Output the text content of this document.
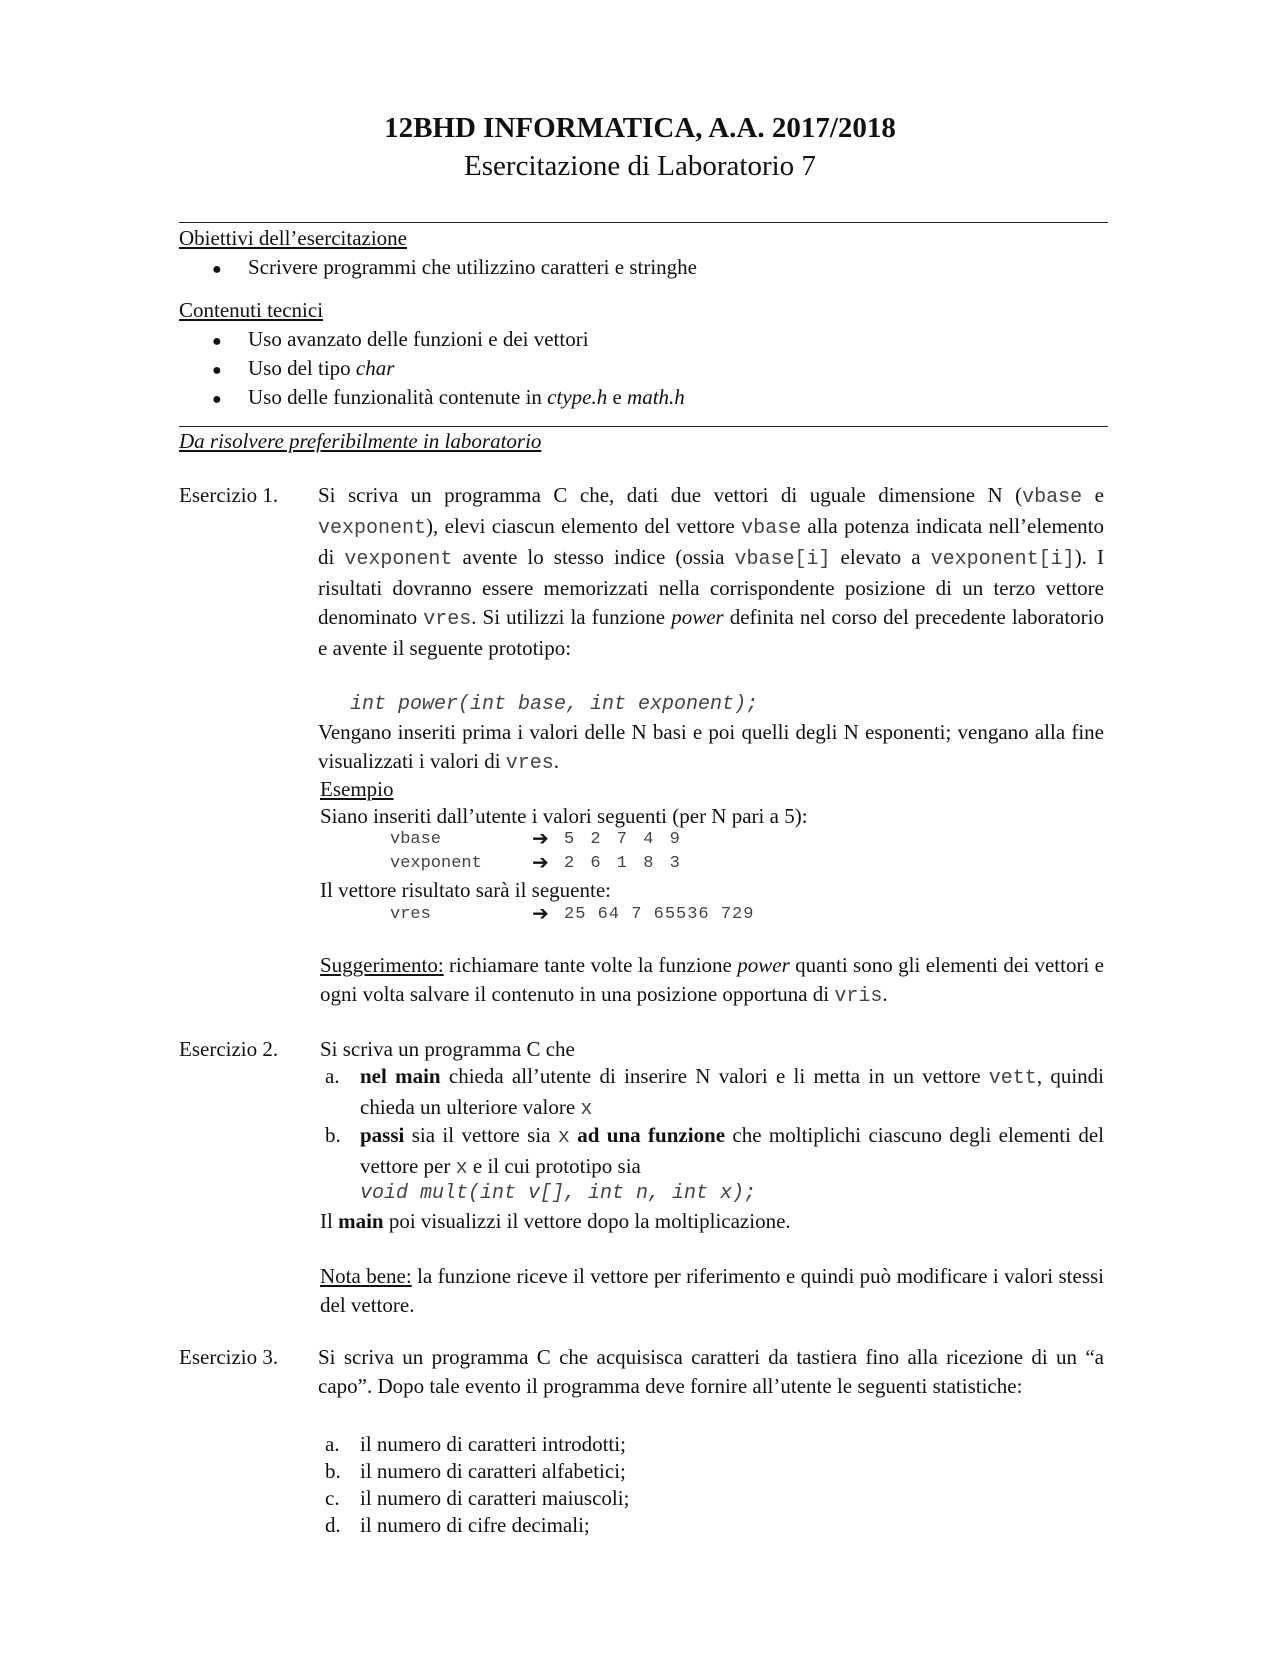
12BHD INFORMATICA, A.A. 2017/2018
Esercitazione di Laboratorio 7
Obiettivi dell’esercitazione
● Scrivere programmi che utilizzino caratteri e stringhe
Contenuti tecnici
● Uso avanzato delle funzioni e dei vettori
● Uso del tipo char
● Uso delle funzionalità contenute in ctype.h e math.h
Da risolvere preferibilmente in laboratorio
Esercizio 1. Si scriva un programma C che, dati due vettori di uguale dimensione N (vbase e vexponent), elevi ciascun elemento del vettore vbase alla potenza indicata nell’elemento di vexponent avente lo stesso indice (ossia vbase[i] elevato a vexponent[i]). I risultati dovranno essere memorizzati nella corrispondente posizione di un terzo vettore denominato vres. Si utilizzi la funzione power definita nel corso del precedente laboratorio e avente il seguente prototipo:
int power(int base, int exponent);
Vengano inseriti prima i valori delle N basi e poi quelli degli N esponenti; vengano alla fine visualizzati i valori di vres.
Esempio
Siano inseriti dall’utente i valori seguenti (per N pari a 5):
vbase	➔ 5 2 7 4 9
vexponent	➔ 2 6 1 8 3
Il vettore risultato sarà il seguente:
vres	➔ 25 64 7 65536 729
Suggerimento: richiamare tante volte la funzione power quanti sono gli elementi dei vettori e ogni volta salvare il contenuto in una posizione opportuna di vris.
Esercizio 2. Si scriva un programma C che
a. nel main chieda all’utente di inserire N valori e li metta in un vettore vett, quindi chieda un ulteriore valore x
b. passi sia il vettore sia x ad una funzione che moltiplichi ciascuno degli elementi del vettore per x e il cui prototipo sia
void mult(int v[], int n, int x);
Il main poi visualizzi il vettore dopo la moltiplicazione.
Nota bene: la funzione riceve il vettore per riferimento e quindi può modificare i valori stessi del vettore.
Esercizio 3. Si scriva un programma C che acquisisca caratteri da tastiera fino alla ricezione di un “a capo”. Dopo tale evento il programma deve fornire all’utente le seguenti statistiche:
a. il numero di caratteri introdotti;
b. il numero di caratteri alfabetici;
c. il numero di caratteri maiuscoli;
d. il numero di cifre decimali;
